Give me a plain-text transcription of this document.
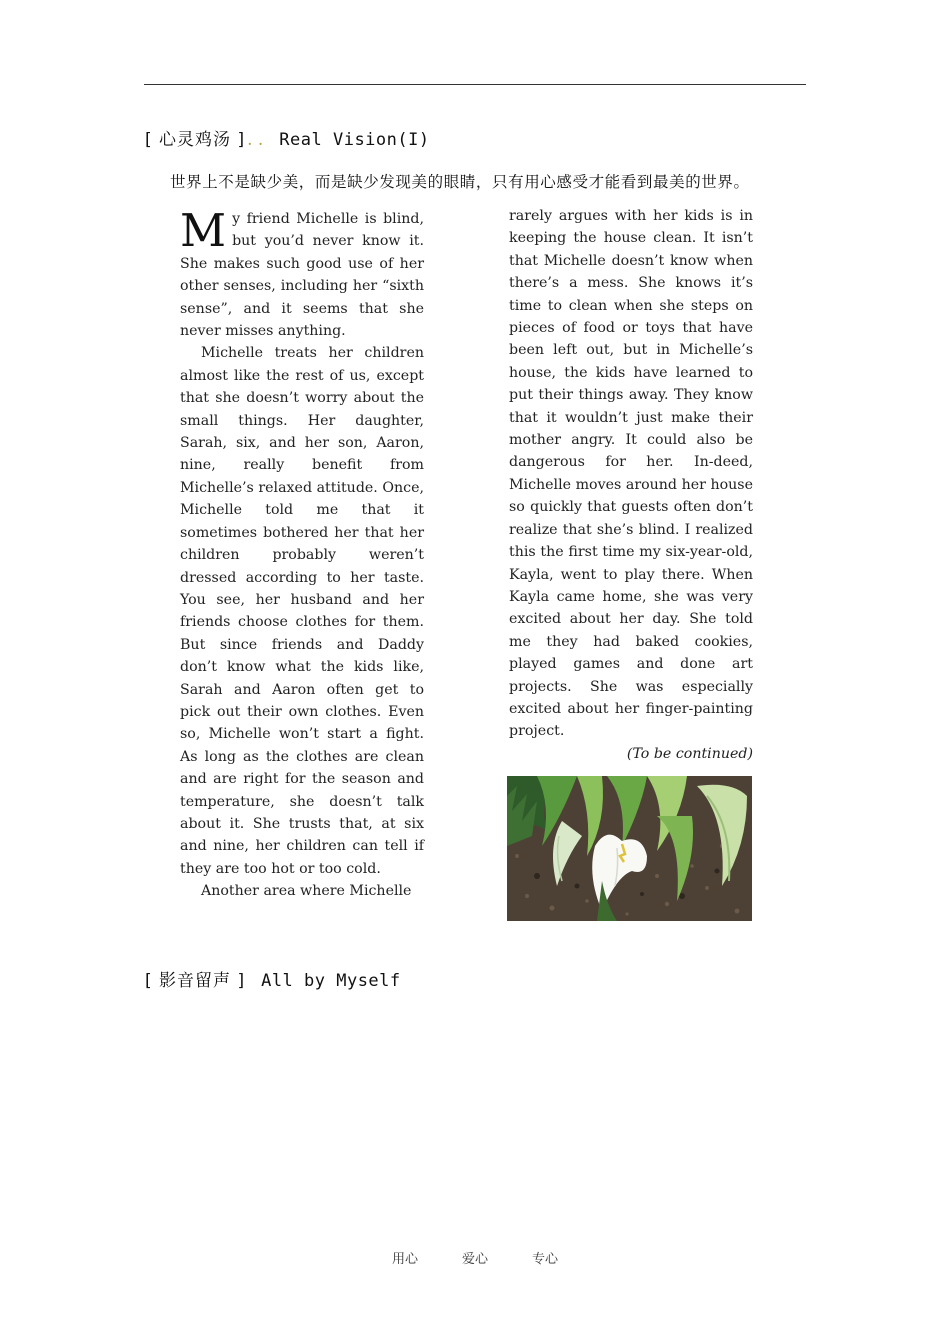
[ 心灵鸡汤 ] . . Real Vision(I)
世界上不是缺少美，而是缺少发现美的眼睛，只有用心感受才能看到最美的世界。

My friend Michelle is blind, but you’d never know it. She makes such good use of her other senses, including her “sixth sense”, and it seems that she never misses anything.

Michelle treats her children almost like the rest of us, except that she doesn’t worry about the small things. Her daughter, Sarah, six, and her son, Aaron, nine, really benefit from Michelle’s relaxed attitude. Once, Michelle told me that it sometimes bothered her that her children probably weren’t dressed according to her taste. You see, her husband and her friends choose clothes for them. But since friends and Daddy don’t know what the kids like, Sarah and Aaron often get to pick out their own clothes. Even so, Michelle won’t start a fight. As long as the clothes are clean and are right for the season and temperature, she doesn’t talk about it. She trusts that, at six and nine, her children can tell if they are too hot or too cold.

Another area where Michelle

rarely argues with her kids is in keeping the house clean. It isn’t that Michelle doesn’t know when there’s a mess. She knows it’s time to clean when she steps on pieces of food or toys that have been left out, but in Michelle’s house, the kids have learned to put their things away. They know that it wouldn’t just make their mother angry. It could also be dangerous for her. In-deed, Michelle moves around her house so quickly that guests often don’t realize that she’s blind. I realized this the first time my six-year-old, Kayla, went to play there. When Kayla came home, she was very excited about her day. She told me they had baked cookies, played games and done art projects. She was especially excited about her finger-painting project.

(To be continued)

[ 影音留声 ] All by Myself
用心	爱心	专心
